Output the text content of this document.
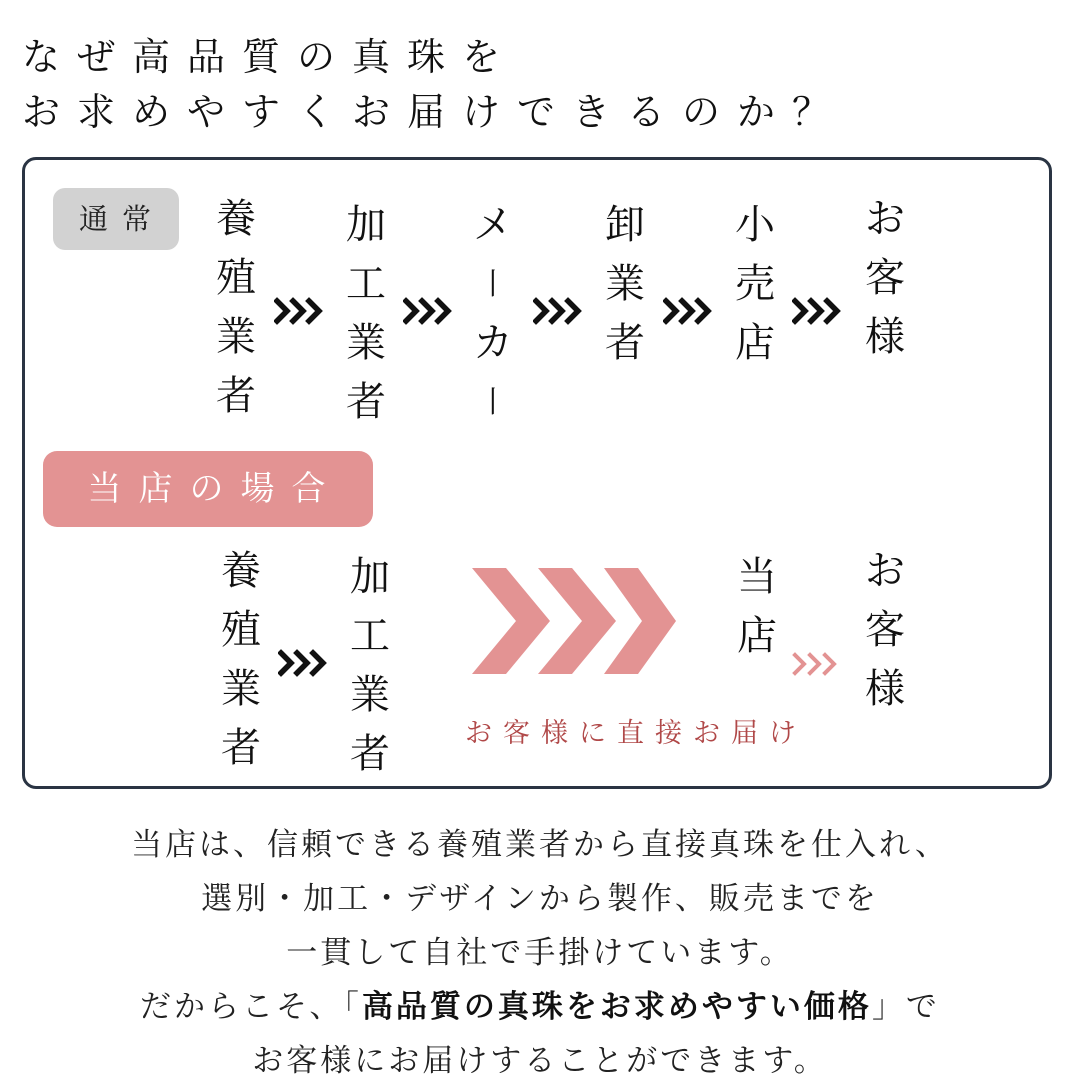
なぜ高品質の真珠を
お求めやすくお届けできるのか？
通常	養
殖
業
者
加
工
業
者
メ
丨
カ
丨
卸
業
者
小
売
店
お
客
様
当店の場合
養
殖
業
者
加
工
業
者
当
店
お
客
様
お客様に直接お届け
当店は、信頼できる養殖業者から直接真珠を仕入れ、
選別・加工・デザインから製作、販売までを
一貫して自社で手掛けています。
だからこそ、「高品質の真珠をお求めやすい価格」で
お客様にお届けすることができます。
